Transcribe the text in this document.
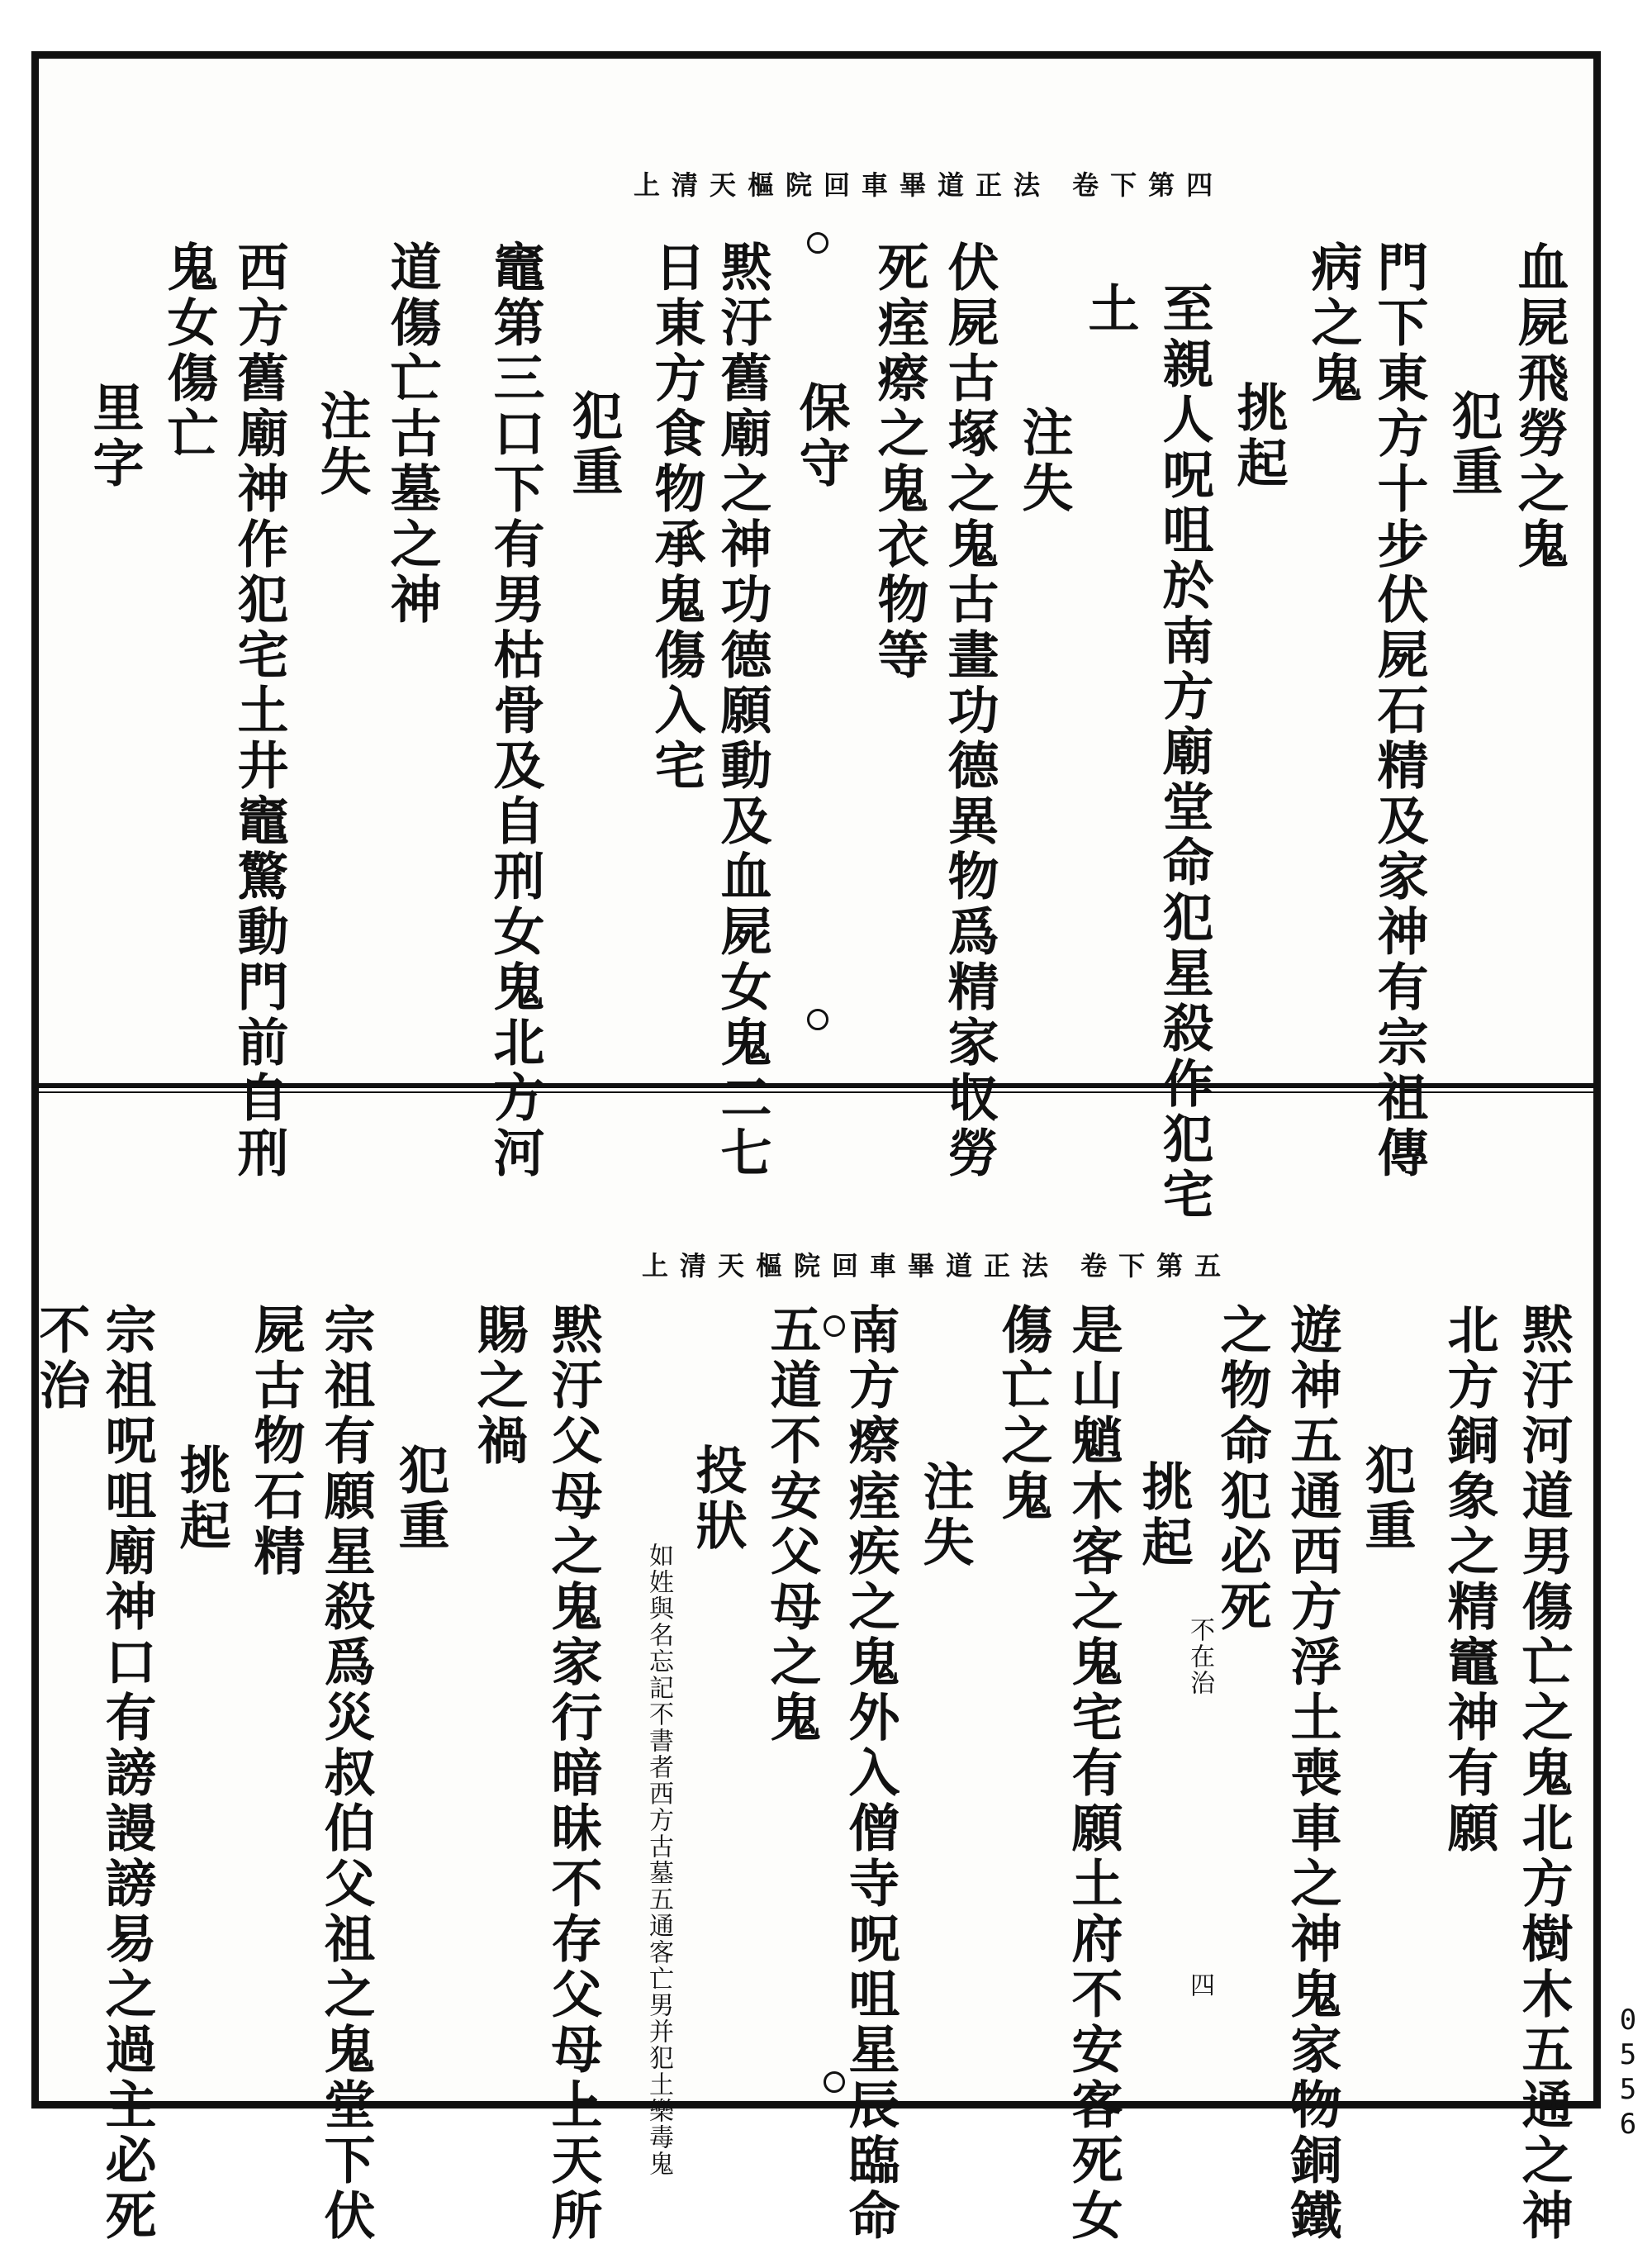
上清天樞院回車畢道正法 卷下第四
血屍飛勞之鬼
犯重
門下東方十步伏屍石精及家神有宗祖傳
病之鬼
挑起
至親人呪咀於南方廟堂命犯星殺作犯宅
土
注失
伏屍古塚之鬼古畫功德異物爲精家収勞
死痓瘵之鬼衣物等
保守
黙汙舊廟之神功德願動及血屍女鬼二七
日東方食物承鬼傷入宅
犯重
竈第三口下有男枯骨及自刑女鬼北方河
道傷亡古墓之神
注失
西方舊廟神作犯宅土井竈驚動門前自刑
鬼女傷亡
里字
上清天樞院回車畢道正法 卷下第五
黙汙河道男傷亡之鬼北方樹木五通之神
北方銅象之精竈神有願
犯重
遊神五通西方浮土喪車之神鬼家物銅鐵
之物命犯必死
不在治
四
挑起
是山魈木客之鬼宅有願土府不安客死女
傷亡之鬼
注失
南方瘵痓疾之鬼外入僧寺呪咀星辰臨命
五道不安父母之鬼
投狀
如姓與名忘記不書者西方古墓五通客亡男并犯土樂毒鬼
黙汙父母之鬼家行暗昧不存父母上天所
賜之禍
犯重
宗祖有願星殺爲災叔伯父祖之鬼堂下伏
屍古物石精
挑起
宗祖呪咀廟神口有謗謾謗易之過主必死
不治
0556
